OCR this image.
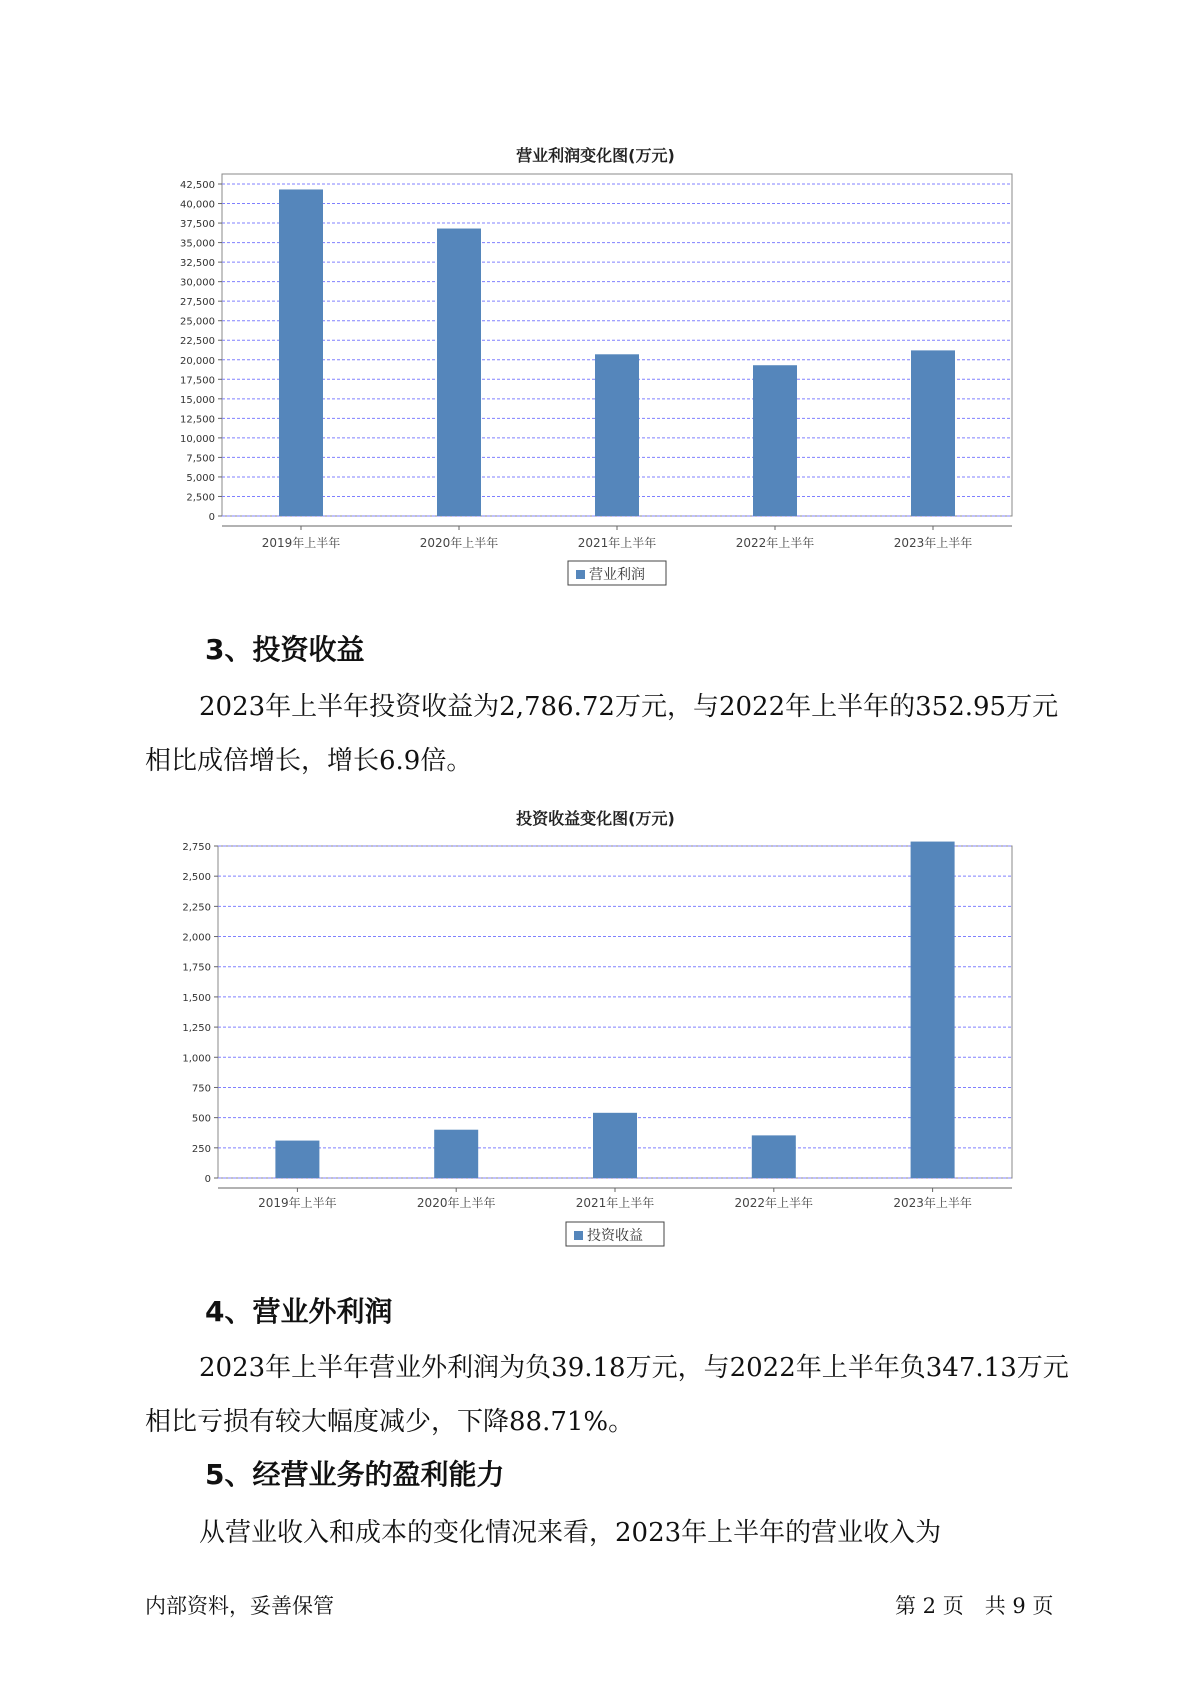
营业利润变化图(万元)
0
2,500
5,000
7,500
10,000
12,500
15,000
17,500
20,000
22,500
25,000
27,500
30,000
32,500
35,000
37,500
40,000
42,500
2019年上半年	2020年上半年	2021年上半年	2022年上半年	2023年上半年
营业利润
3、投资收益
2023年上半年投资收益为2,786.72万元，与2022年上半年的352.95万元相比成倍增长，增长6.9倍。
投资收益变化图(万元)
0
250
500
750
1,000
1,250
1,500
1,750
2,000
2,250
2,500
2,750
2019年上半年	2020年上半年	2021年上半年	2022年上半年	2023年上半年
投资收益
4、营业外利润
2023年上半年营业外利润为负39.18万元，与2022年上半年负347.13万元相比亏损有较大幅度减少，下降88.71%。
5、经营业务的盈利能力
从营业收入和成本的变化情况来看，2023年上半年的营业收入为
内部资料，妥善保管	第 2 页　共 9 页
